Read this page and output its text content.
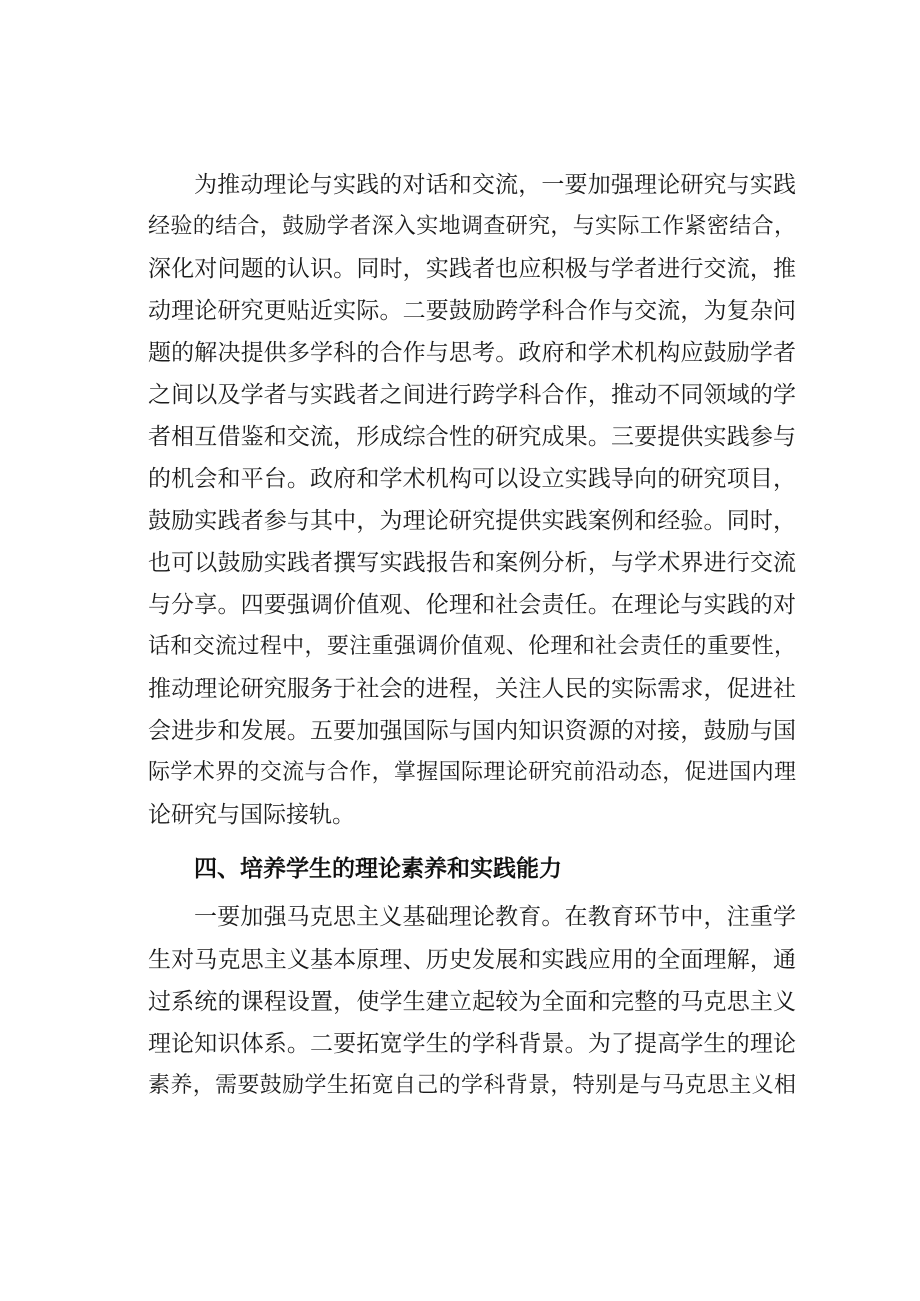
为推动理论与实践的对话和交流，一要加强理论研究与实践
经验的结合，鼓励学者深入实地调查研究，与实际工作紧密结合，
深化对问题的认识。同时，实践者也应积极与学者进行交流，推
动理论研究更贴近实际。二要鼓励跨学科合作与交流，为复杂问
题的解决提供多学科的合作与思考。政府和学术机构应鼓励学者
之间以及学者与实践者之间进行跨学科合作，推动不同领域的学
者相互借鉴和交流，形成综合性的研究成果。三要提供实践参与
的机会和平台。政府和学术机构可以设立实践导向的研究项目，
鼓励实践者参与其中，为理论研究提供实践案例和经验。同时，
也可以鼓励实践者撰写实践报告和案例分析，与学术界进行交流
与分享。四要强调价值观、伦理和社会责任。在理论与实践的对
话和交流过程中，要注重强调价值观、伦理和社会责任的重要性，
推动理论研究服务于社会的进程，关注人民的实际需求，促进社
会进步和发展。五要加强国际与国内知识资源的对接，鼓励与国
际学术界的交流与合作，掌握国际理论研究前沿动态，促进国内理
论研究与国际接轨。
四、培养学生的理论素养和实践能力
一要加强马克思主义基础理论教育。在教育环节中，注重学
生对马克思主义基本原理、历史发展和实践应用的全面理解，通
过系统的课程设置，使学生建立起较为全面和完整的马克思主义
理论知识体系。二要拓宽学生的学科背景。为了提高学生的理论
素养，需要鼓励学生拓宽自己的学科背景，特别是与马克思主义相
